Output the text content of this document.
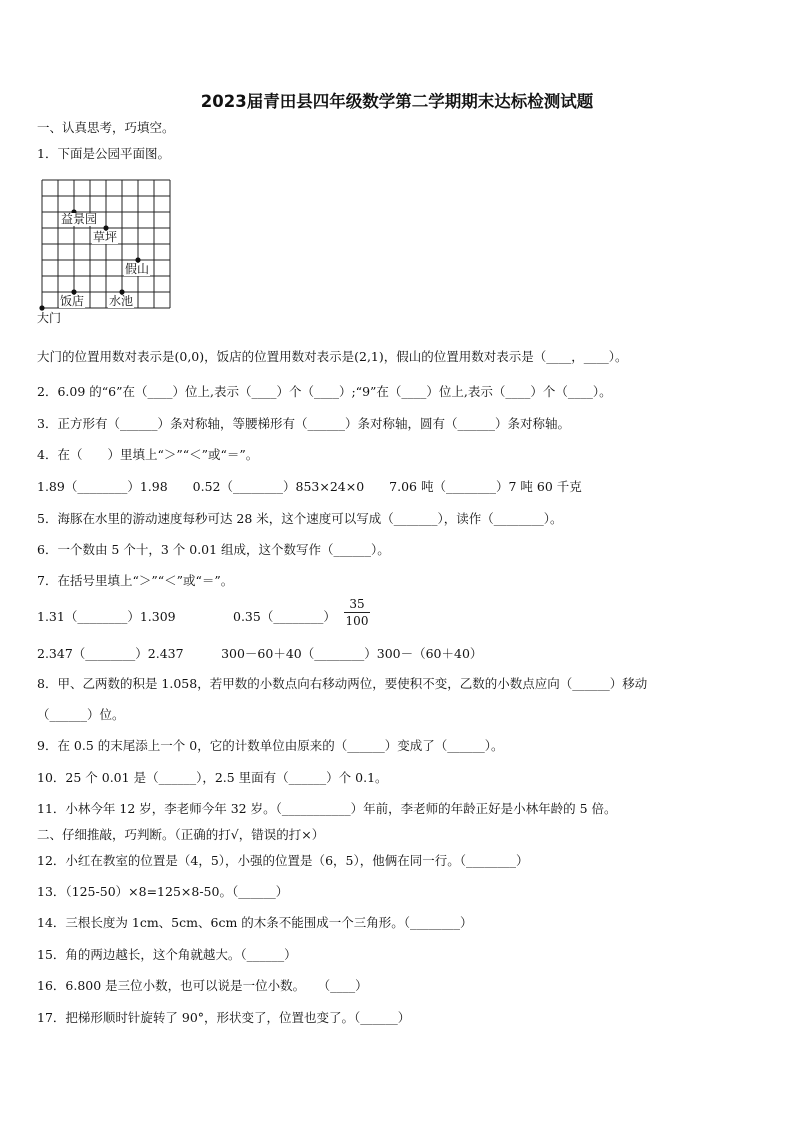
2023届青田县四年级数学第二学期期末达标检测试题
一、认真思考，巧填空。
1．下面是公园平面图。
益景园
草坪
假山
饭店 水池
大门
大门的位置用数对表示是(0,0)，饭店的位置用数对表示是(2,1)，假山的位置用数对表示是（____，____）。
2．6.09 的“6”在（____）位上,表示（____）个（____）;“9”在（____）位上,表示（____）个（____）。
3．正方形有（______）条对称轴，等腰梯形有（______）条对称轴，圆有（______）条对称轴。
4．在（　　）里填上“＞”“＜”或“＝”。
1.89（________）1.98　　0.52（________）853×24×0　　7.06 吨（________）7 吨 60 千克
5．海豚在水里的游动速度每秒可达 28 米，这个速度可以写成（_______），读作（________）。
6．一个数由 5 个十，3 个 0.01 组成，这个数写作（______）。
7．在括号里填上“＞”“＜”或“＝”。
1.31（________）1.309	0.35（________） $\frac{35}{100}$
2.347（________）2.437　　　300－60＋40（________）300－（60＋40）
8．甲、乙两数的积是 1.058，若甲数的小数点向右移动两位，要使积不变，乙数的小数点应向（______）移动
（______）位。
9．在 0.5 的末尾添上一个 0，它的计数单位由原来的（______）变成了（______）。
10．25 个 0.01 是（______），2.5 里面有（______）个 0.1。
11．小林今年 12 岁，李老师今年 32 岁。（___________）年前，李老师的年龄正好是小林年龄的 5 倍。
二、仔细推敲，巧判断。（正确的打√，错误的打×）
12．小红在教室的位置是（4，5），小强的位置是（6，5），他俩在同一行。（________）
13．（125-50）×8=125×8-50。（______）
14．三根长度为 1cm、5cm、6cm 的木条不能围成一个三角形。（________）
15．角的两边越长，这个角就越大。（______）
16．6.800 是三位小数，也可以说是一位小数。　　（____）
17．把梯形顺时针旋转了 90°，形状变了，位置也变了。（______）
